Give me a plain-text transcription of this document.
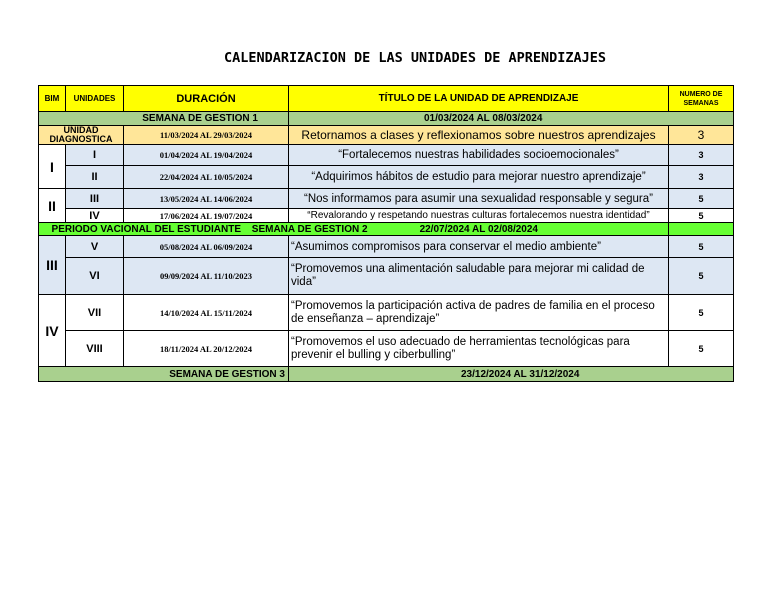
CALENDARIZACION DE LAS UNIDADES DE APRENDIZAJES
BIM	UNIDADES	DURACIÓN	TÍTULO DE LA UNIDAD DE APRENDIZAJE	NUMERO DE SEMANAS
SEMANA DE GESTION 1			01/03/2024 AL 08/03/2024	
UNIDAD DIAGNOSTICA		11/03/2024 AL 29/03/2024	Retornamos a clases y reflexionamos sobre nuestros aprendizajes	3
I	I	01/04/2024 AL 19/04/2024	“Fortalecemos nuestras habilidades socioemocionales”	3
	II	22/04/2024 AL 10/05/2024	“Adquirimos hábitos de estudio para mejorar nuestro aprendizaje”	3
II	III	13/05/2024 AL 14/06/2024	“Nos informamos para asumir una sexualidad responsable y segura”	5
	IV	17/06/2024 AL 19/07/2024	“Revalorando y respetando nuestras culturas fortalecemos nuestra identidad”	5
PERIODO VACIONAL DEL ESTUDIANTE SEMANA DE GESTION 2 22/07/2024 AL 02/08/2024				
III	V	05/08/2024 AL 06/09/2024	“Asumimos compromisos para conservar el medio ambiente”	5
	VI	09/09/2024 AL 11/10/2023	“Promovemos una alimentación saludable para mejorar mi calidad de vida”	5
IV	VII	14/10/2024 AL 15/11/2024	“Promovemos la participación activa de padres de familia en el proceso de enseñanza – aprendizaje”	5
	VIII	18/11/2024 AL 20/12/2024	“Promovemos el uso adecuado de herramientas tecnológicas para prevenir el bulling y ciberbulling”	5
SEMANA DE GESTION 3			23/12/2024 AL 31/12/2024	
